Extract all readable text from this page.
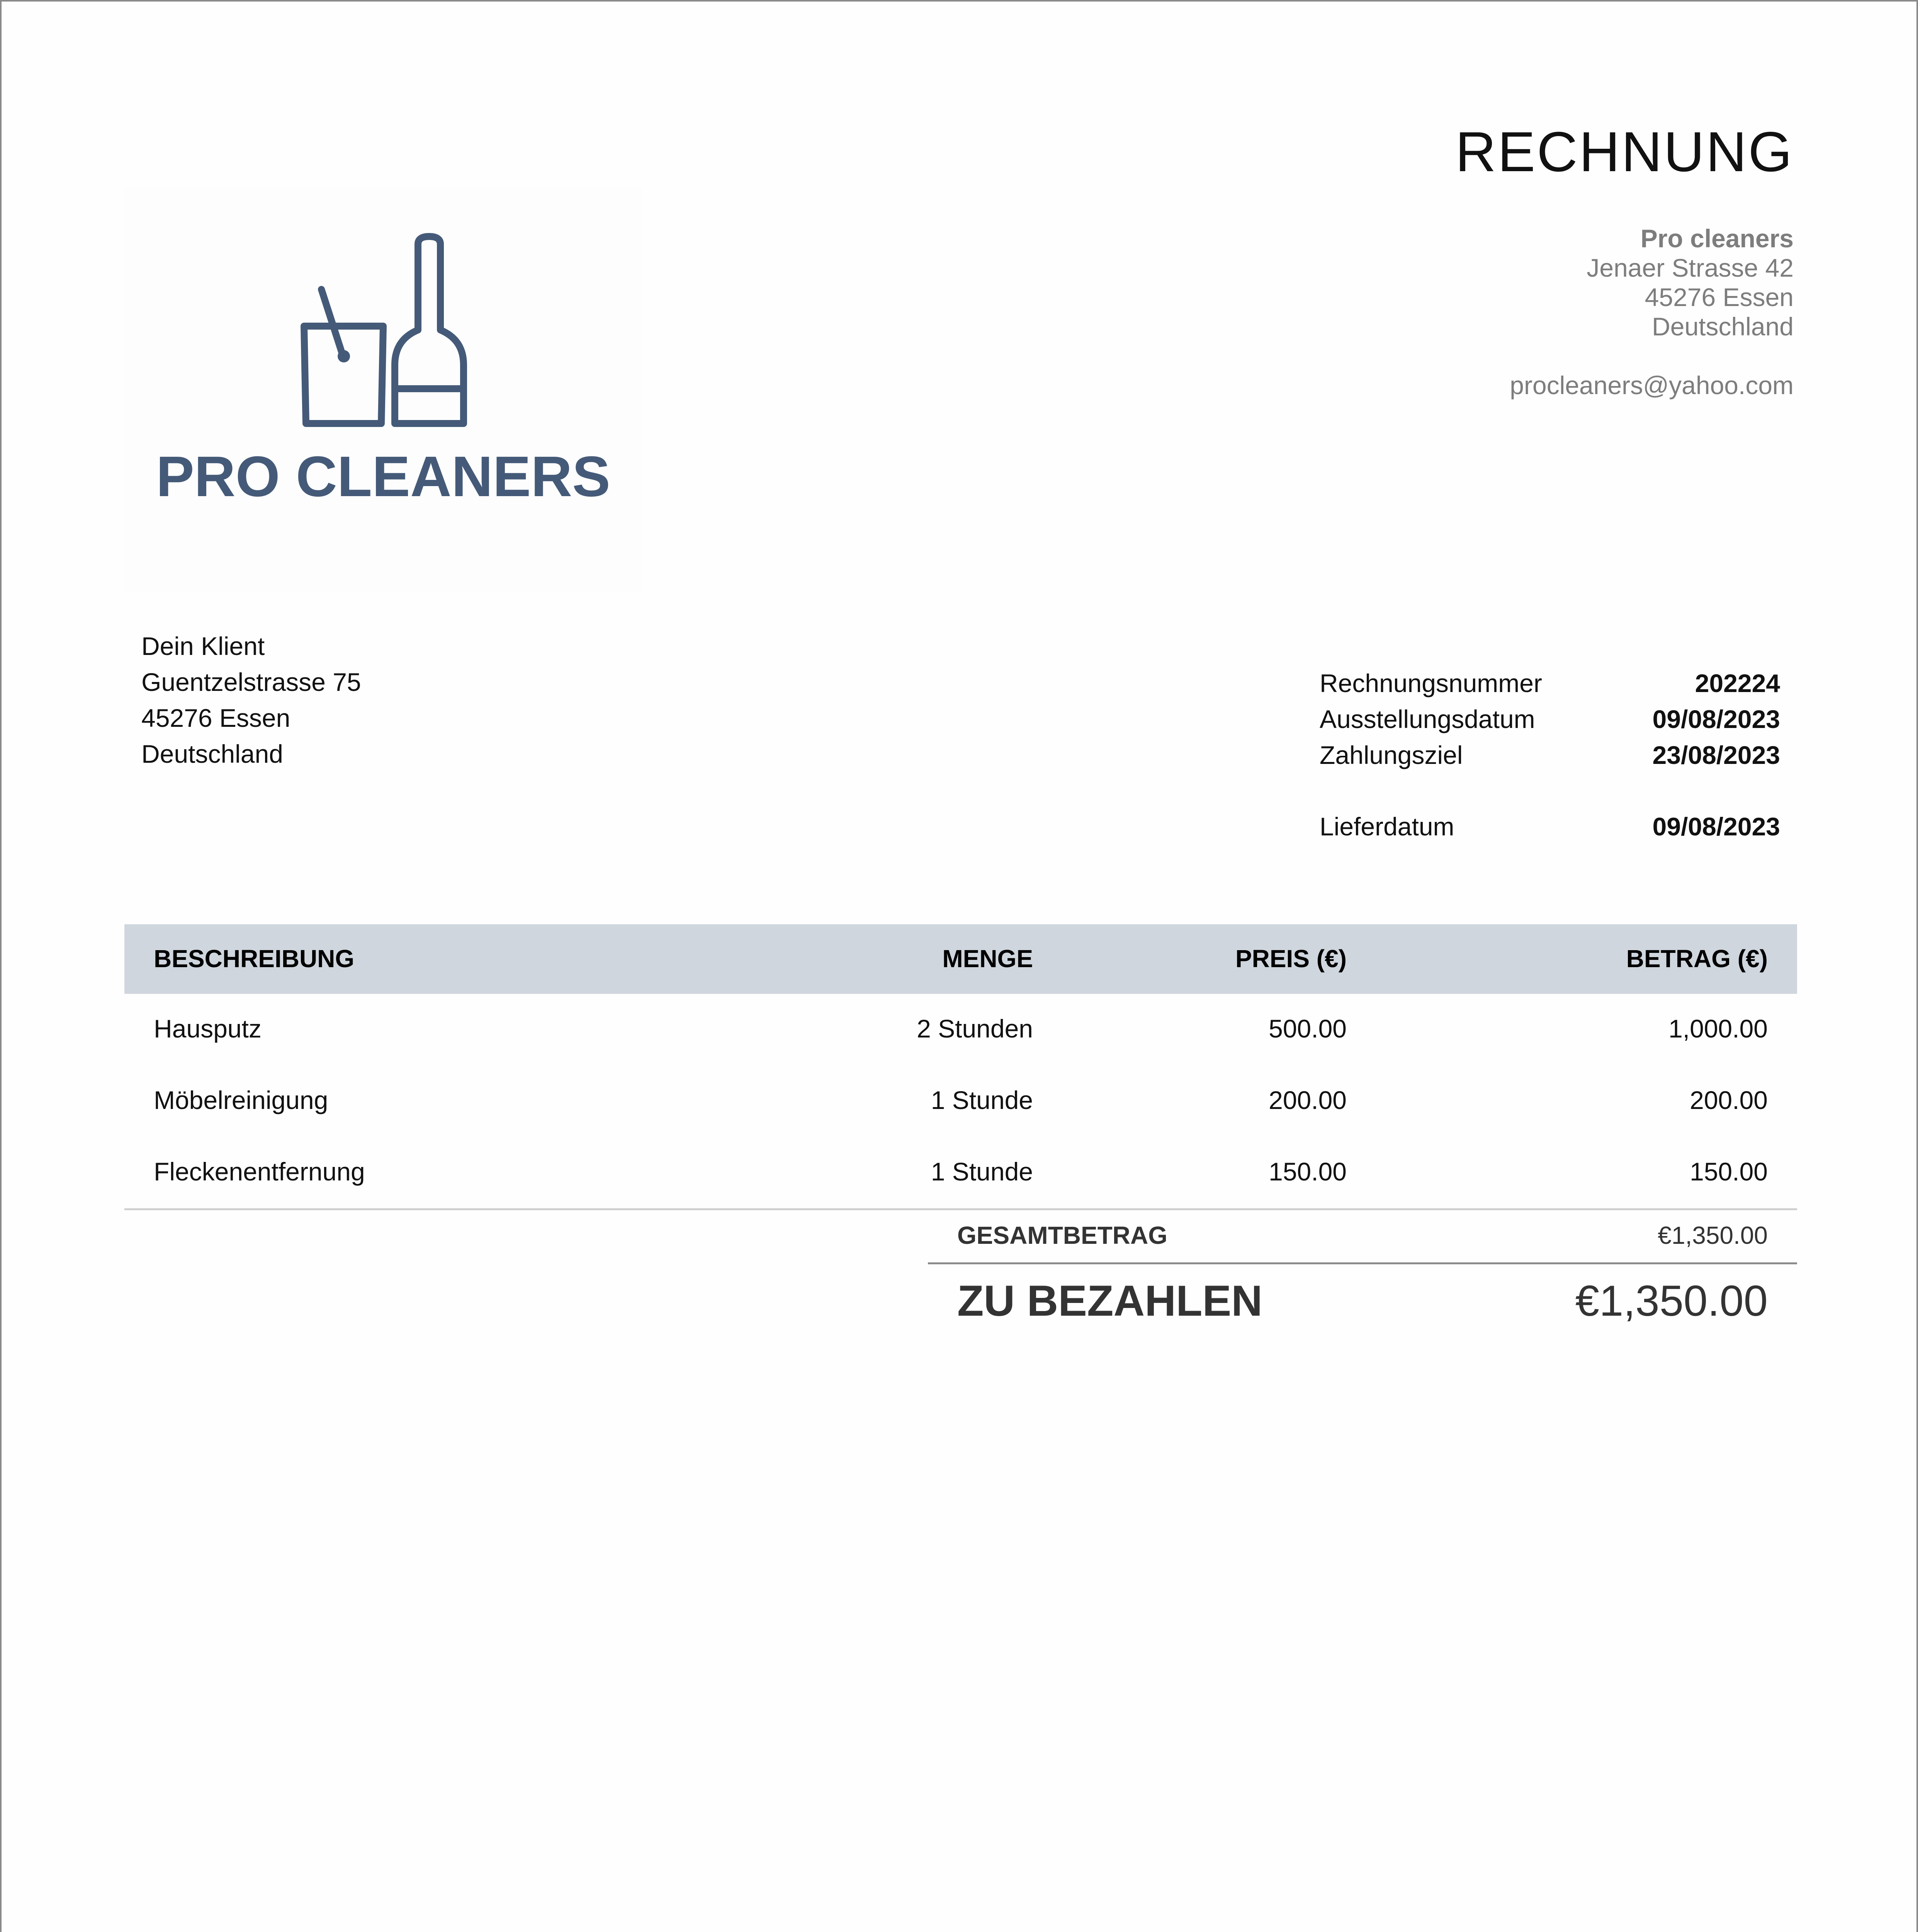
RECHNUNG
Pro cleaners
Jenaer Strasse 42
45276 Essen
Deutschland
procleaners@yahoo.com
PRO CLEANERS
Dein Klient
Guentzelstrasse 75
45276 Essen
Deutschland
Rechnungsnummer	202224
Ausstellungsdatum	09/08/2023
Zahlungsziel	23/08/2023
Lieferdatum	09/08/2023
BESCHREIBUNG	MENGE	PREIS (€)	BETRAG (€)
Hausputz	2 Stunden	500.00	1,000.00
Möbelreinigung	1 Stunde	200.00	200.00
Fleckenentfernung	1 Stunde	150.00	150.00
GESAMTBETRAG	€1,350.00
ZU BEZAHLEN	€1,350.00
